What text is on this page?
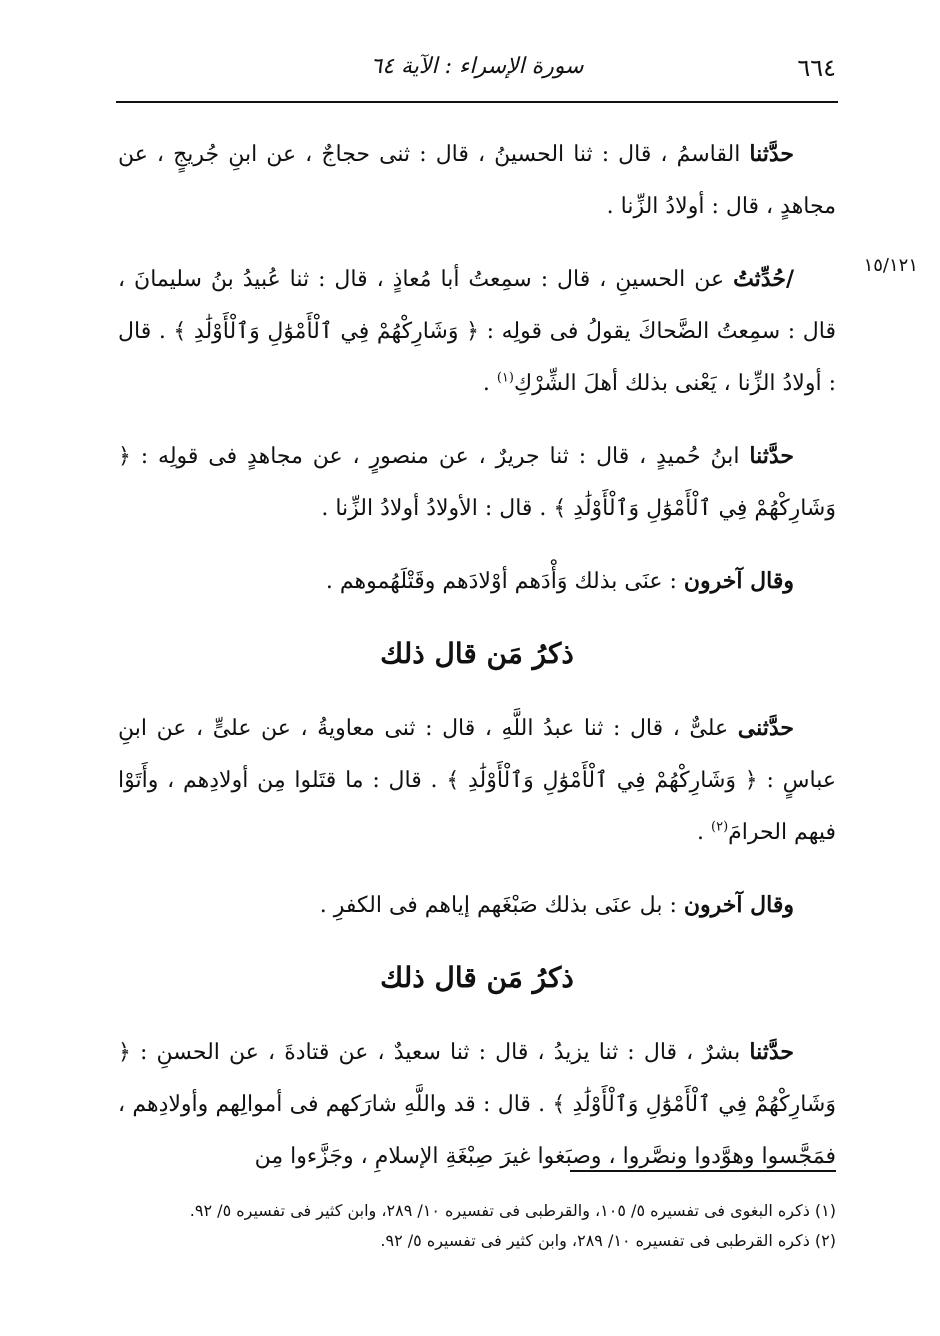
٦٦٤
سورة الإسراء : الآية ٦٤
١٥/١٢١

حدَّثنا القاسمُ ، قال : ثنا الحسينُ ، قال : ثنى حجاجٌ ، عن ابنِ جُريجٍ ، عن مجاهدٍ ، قال : أولادُ الزِّنا .

/حُدِّثتُ عن الحسينِ ، قال : سمِعتُ أبا مُعاذٍ ، قال : ثنا عُبيدُ بنُ سليمانَ ، قال : سمِعتُ الضَّحاكَ يقولُ فى قولِه : ﴿ وَشَارِكْهُمْ فِي ٱلْأَمْوَٰلِ وَٱلْأَوْلَٰدِ ﴾ . قال : أولادُ الزِّنا ، يَعْنى بذلك أهلَ الشِّرْكِ$^{(١)}$ .

حدَّثنا ابنُ حُميدٍ ، قال : ثنا جريرٌ ، عن منصورٍ ، عن مجاهدٍ فى قولِه : ﴿ وَشَارِكْهُمْ فِي ٱلْأَمْوَٰلِ وَٱلْأَوْلَٰدِ ﴾ . قال : الأولادُ أولادُ الزِّنا .

وقال آخرون : عنَى بذلك وَأْدَهم أوْلادَهم وقَتْلَهُموهم .

ذكرُ مَن قال ذلك

حدَّثنى علىٌّ ، قال : ثنا عبدُ اللَّهِ ، قال : ثنى معاويةُ ، عن علىٍّ ، عن ابنِ عباسٍ : ﴿ وَشَارِكْهُمْ فِي ٱلْأَمْوَٰلِ وَٱلْأَوْلَٰدِ ﴾ . قال : ما قتَلوا مِن أولادِهم ، وأَتَوْا فيهم الحرامَ$^{(٢)}$ .

وقال آخرون : بل عنَى بذلك صَبْغَهم إياهم فى الكفرِ .

ذكرُ مَن قال ذلك

حدَّثنا بشرٌ ، قال : ثنا يزيدُ ، قال : ثنا سعيدٌ ، عن قتادةَ ، عن الحسنِ : ﴿ وَشَارِكْهُمْ فِي ٱلْأَمْوَٰلِ وَٱلْأَوْلَٰدِ ﴾ . قال : قد واللَّهِ شارَكهم فى أموالِهم وأولادِهم ، فمَجَّسوا وهوَّدوا ونصَّروا ، وصبَغوا غيرَ صِبْغَةِ الإسلامِ ، وجَزَّءوا مِن

(١) ذكره البغوى فى تفسيره ٥/ ١٠٥، والقرطبى فى تفسيره ١٠/ ٢٨٩، وابن كثير فى تفسيره ٥/ ٩٢.

(٢) ذكره القرطبى فى تفسيره ١٠/ ٢٨٩، وابن كثير فى تفسيره ٥/ ٩٢.
